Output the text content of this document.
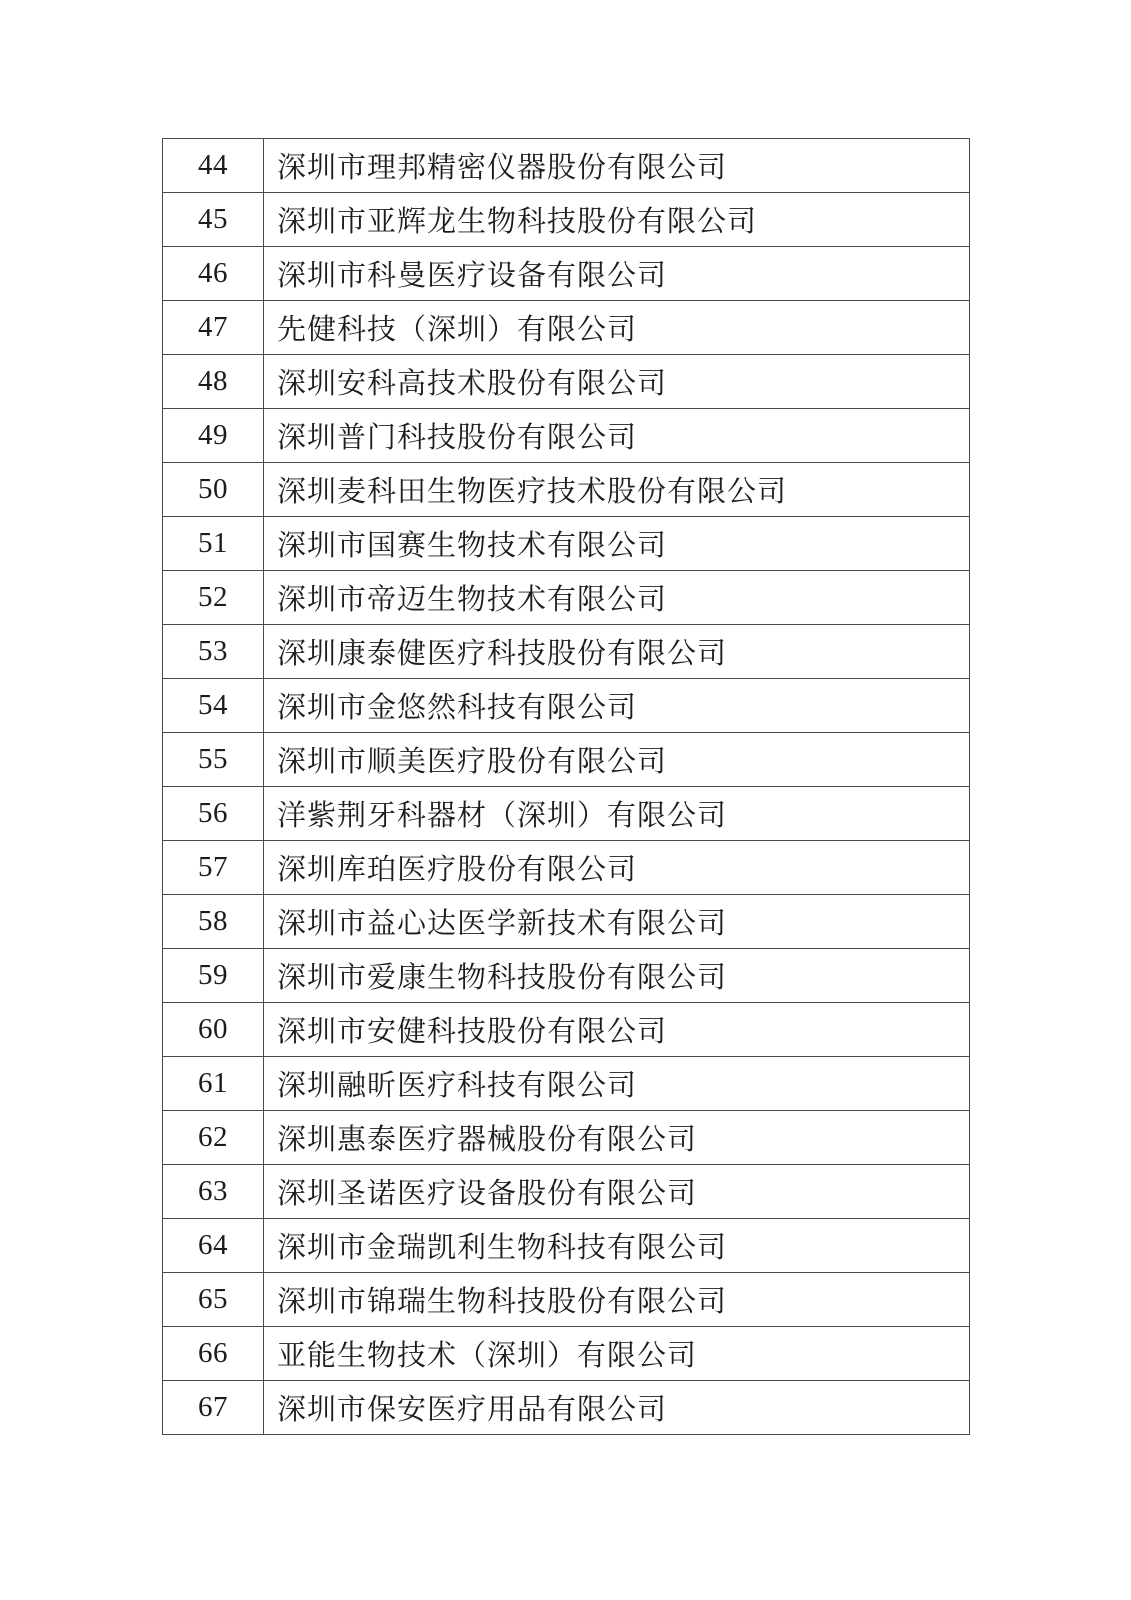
44	深圳市理邦精密仪器股份有限公司
45	深圳市亚辉龙生物科技股份有限公司
46	深圳市科曼医疗设备有限公司
47	先健科技（深圳）有限公司
48	深圳安科高技术股份有限公司
49	深圳普门科技股份有限公司
50	深圳麦科田生物医疗技术股份有限公司
51	深圳市国赛生物技术有限公司
52	深圳市帝迈生物技术有限公司
53	深圳康泰健医疗科技股份有限公司
54	深圳市金悠然科技有限公司
55	深圳市顺美医疗股份有限公司
56	洋紫荆牙科器材（深圳）有限公司
57	深圳库珀医疗股份有限公司
58	深圳市益心达医学新技术有限公司
59	深圳市爱康生物科技股份有限公司
60	深圳市安健科技股份有限公司
61	深圳融昕医疗科技有限公司
62	深圳惠泰医疗器械股份有限公司
63	深圳圣诺医疗设备股份有限公司
64	深圳市金瑞凯利生物科技有限公司
65	深圳市锦瑞生物科技股份有限公司
66	亚能生物技术（深圳）有限公司
67	深圳市保安医疗用品有限公司
